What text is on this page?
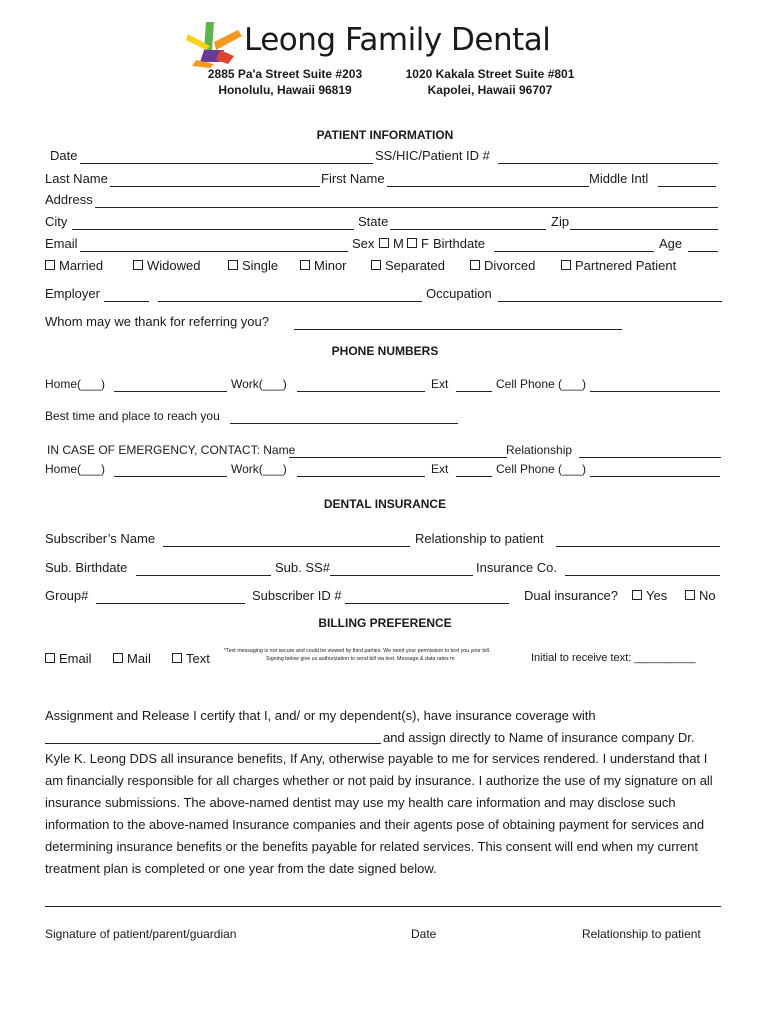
Leong Family Dental
2885 Pa'a Street Suite #203
Honolulu, Hawaii 96819
1020 Kakala Street Suite #801
Kapolei, Hawaii 96707
PATIENT INFORMATION
Date	SS/HIC/Patient ID #
Last Name	First Name	Middle Intl
Address
City	State	Zip
Email	Sex	M	F Birthdate	Age
Married	Widowed	Single	Minor	Separated	Divorced	Partnered Patient
Employer	Occupation
Whom may we thank for referring you?
PHONE NUMBERS
Home(___)	Work(___)	Ext	Cell Phone (___)
Best time and place to reach you
IN CASE OF EMERGENCY, CONTACT: Name	Relationship
Home(___)	Work(___)	Ext	Cell Phone (___)
DENTAL INSURANCE
Subscriber’s Name	Relationship to patient
Sub. Birthdate	Sub. SS#	Insurance Co.
Group#	Subscriber ID #	Dual insurance?	Yes	No
BILLING PREFERENCE
Email	Mail	Text	*Text messaging is not secure and could be viewed by third parties. We need your permission to text you your bill.
Signing below give us authorization to send bill via text. Message & data rates m	Initial to receive text: __________
Assignment and Release I certify that I, and/ or my dependent(s), have insurance coverage with
and assign directly to Name of insurance company Dr.
Kyle K. Leong DDS all insurance benefits, If Any, otherwise payable to me for services rendered. I understand that I am financially responsible for all charges whether or not paid by insurance. I authorize the use of my signature on all insurance submissions. The above-named dentist may use my health care information and may disclose such information to the above-named Insurance companies and their agents pose of obtaining payment for services and determining insurance benefits or the benefits payable for related services. This consent will end when my current treatment plan is completed or one year from the date signed below.
Signature of patient/parent/guardian	Date	Relationship to patient
